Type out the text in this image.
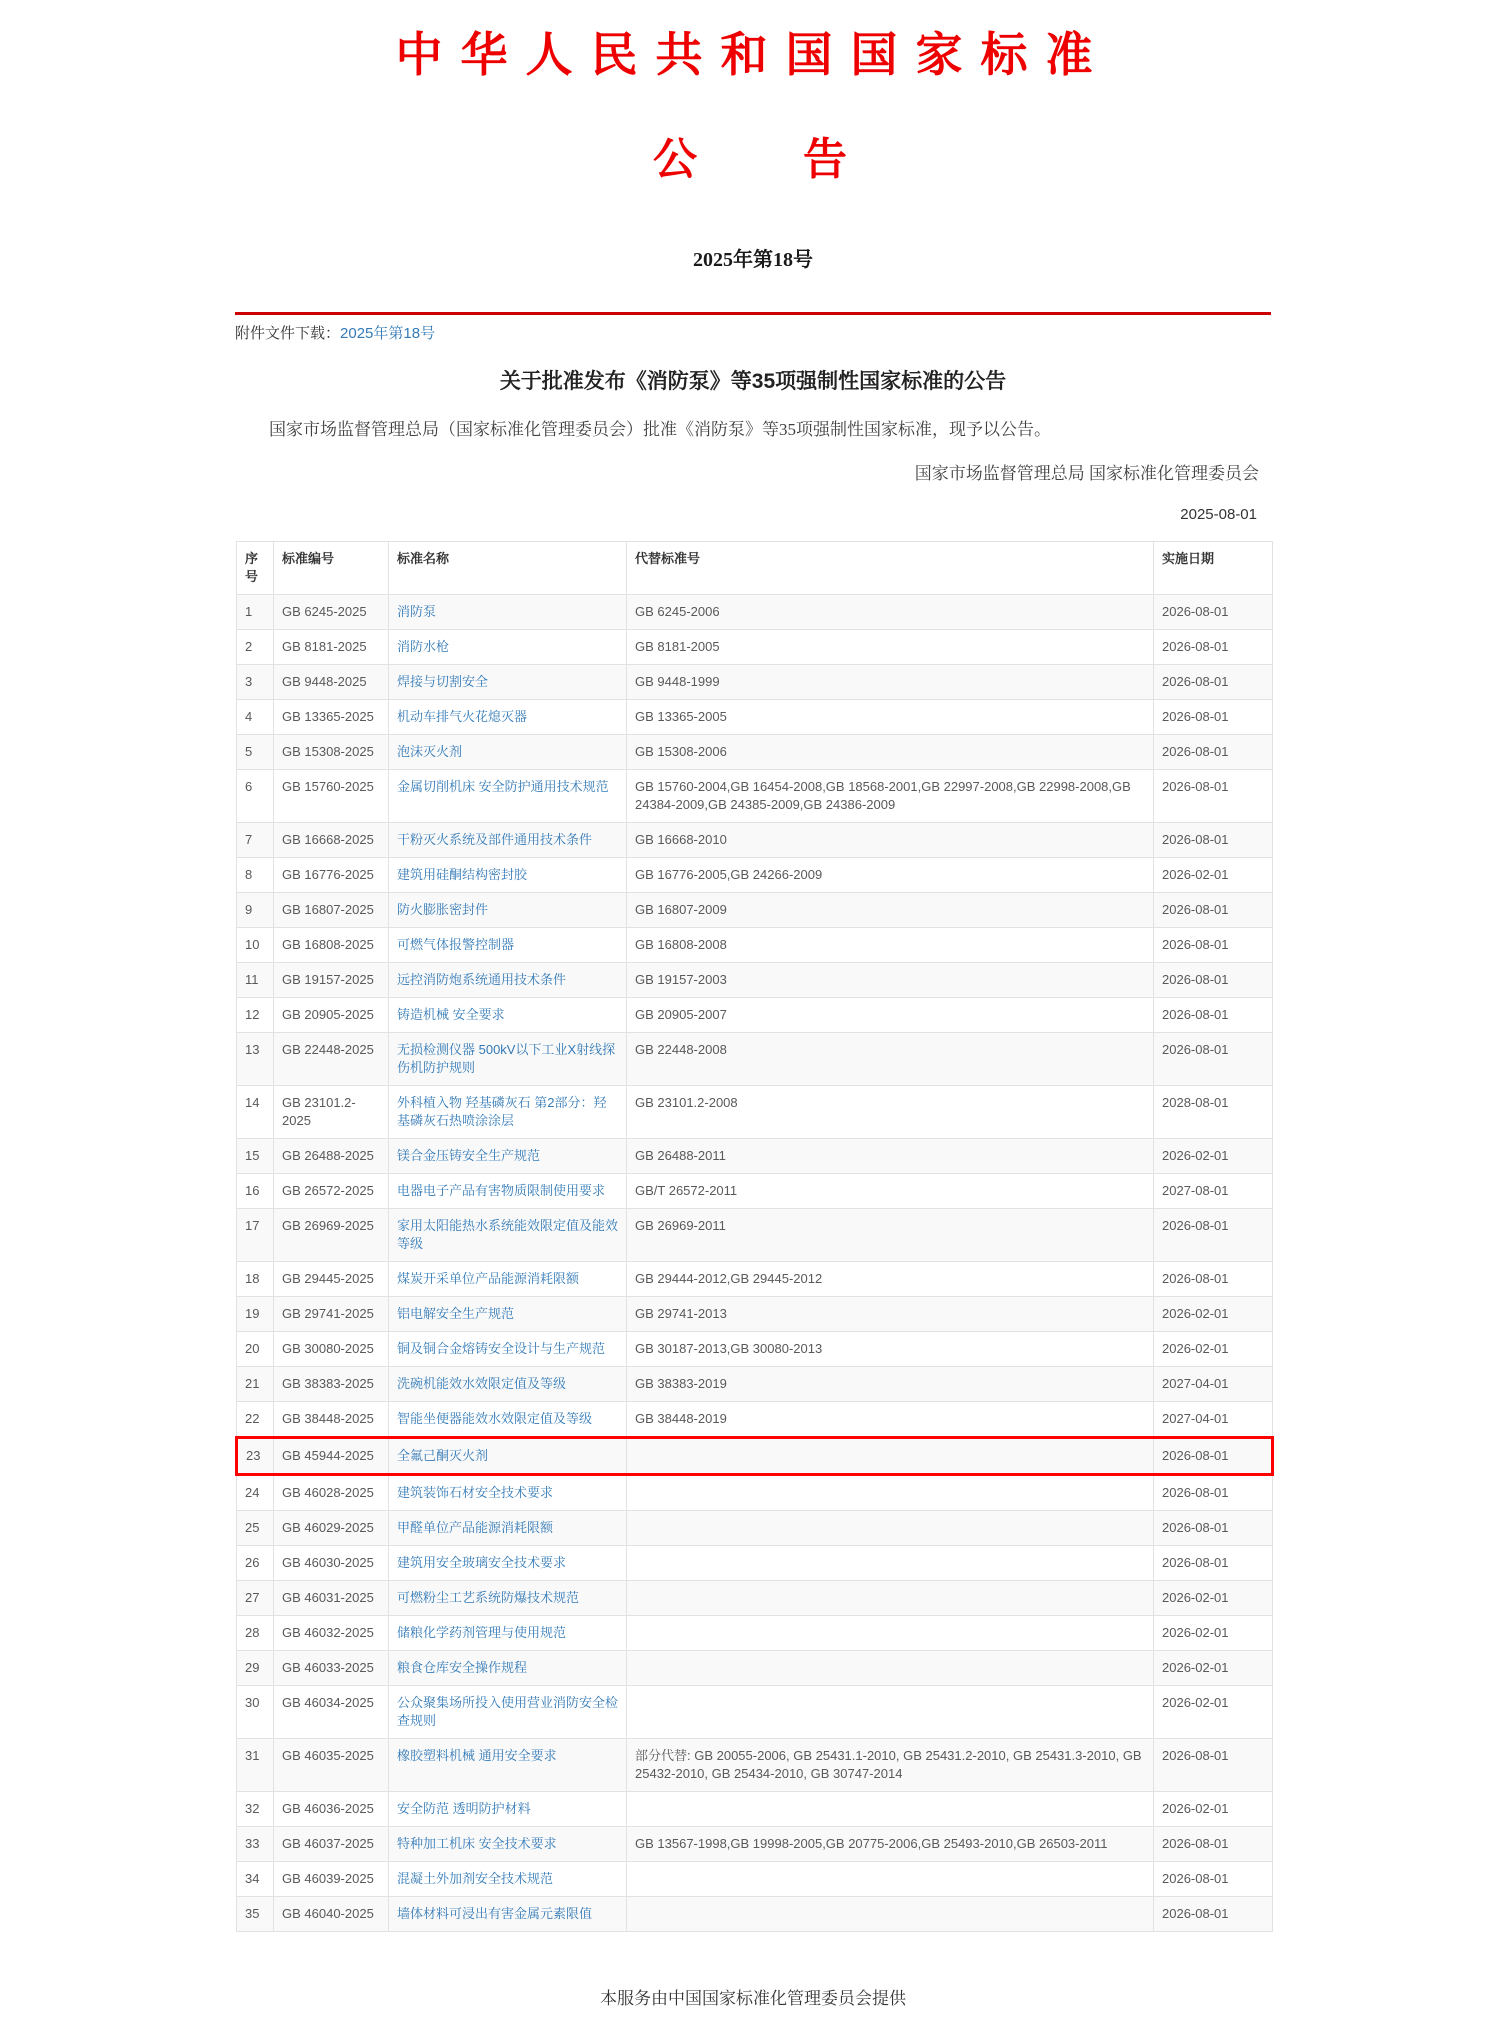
中华人民共和国国家标准
公　　告
2025年第18号
附件文件下载：2025年第18号
关于批准发布《消防泵》等35项强制性国家标准的公告
国家市场监督管理总局（国家标准化管理委员会）批准《消防泵》等35项强制性国家标准，现予以公告。
国家市场监督管理总局 国家标准化管理委员会
2025-08-01
序号	标准编号	标准名称	代替标准号	实施日期
1	GB 6245-2025	消防泵	GB 6245-2006	2026-08-01
2	GB 8181-2025	消防水枪	GB 8181-2005	2026-08-01
3	GB 9448-2025	焊接与切割安全	GB 9448-1999	2026-08-01
4	GB 13365-2025	机动车排气火花熄灭器	GB 13365-2005	2026-08-01
5	GB 15308-2025	泡沫灭火剂	GB 15308-2006	2026-08-01
6	GB 15760-2025	金属切削机床 安全防护通用技术规范	GB 15760-2004,GB 16454-2008,GB 18568-2001,GB 22997-2008,GB 22998-2008,GB 24384-2009,GB 24385-2009,GB 24386-2009	2026-08-01
7	GB 16668-2025	干粉灭火系统及部件通用技术条件	GB 16668-2010	2026-08-01
8	GB 16776-2025	建筑用硅酮结构密封胶	GB 16776-2005,GB 24266-2009	2026-02-01
9	GB 16807-2025	防火膨胀密封件	GB 16807-2009	2026-08-01
10	GB 16808-2025	可燃气体报警控制器	GB 16808-2008	2026-08-01
11	GB 19157-2025	远控消防炮系统通用技术条件	GB 19157-2003	2026-08-01
12	GB 20905-2025	铸造机械 安全要求	GB 20905-2007	2026-08-01
13	GB 22448-2025	无损检测仪器 500kV以下工业X射线探伤机防护规则	GB 22448-2008	2026-08-01
14	GB 23101.2-2025	外科植入物 羟基磷灰石 第2部分：羟基磷灰石热喷涂涂层	GB 23101.2-2008	2028-08-01
15	GB 26488-2025	镁合金压铸安全生产规范	GB 26488-2011	2026-02-01
16	GB 26572-2025	电器电子产品有害物质限制使用要求	GB/T 26572-2011	2027-08-01
17	GB 26969-2025	家用太阳能热水系统能效限定值及能效等级	GB 26969-2011	2026-08-01
18	GB 29445-2025	煤炭开采单位产品能源消耗限额	GB 29444-2012,GB 29445-2012	2026-08-01
19	GB 29741-2025	铝电解安全生产规范	GB 29741-2013	2026-02-01
20	GB 30080-2025	铜及铜合金熔铸安全设计与生产规范	GB 30187-2013,GB 30080-2013	2026-02-01
21	GB 38383-2025	洗碗机能效水效限定值及等级	GB 38383-2019	2027-04-01
22	GB 38448-2025	智能坐便器能效水效限定值及等级	GB 38448-2019	2027-04-01
23	GB 45944-2025	全氟己酮灭火剂		2026-08-01
24	GB 46028-2025	建筑装饰石材安全技术要求		2026-08-01
25	GB 46029-2025	甲醛单位产品能源消耗限额		2026-08-01
26	GB 46030-2025	建筑用安全玻璃安全技术要求		2026-08-01
27	GB 46031-2025	可燃粉尘工艺系统防爆技术规范		2026-02-01
28	GB 46032-2025	储粮化学药剂管理与使用规范		2026-02-01
29	GB 46033-2025	粮食仓库安全操作规程		2026-02-01
30	GB 46034-2025	公众聚集场所投入使用营业消防安全检查规则		2026-02-01
31	GB 46035-2025	橡胶塑料机械 通用安全要求	部分代替: GB 20055-2006, GB 25431.1-2010, GB 25431.2-2010, GB 25431.3-2010, GB 25432-2010, GB 25434-2010, GB 30747-2014	2026-08-01
32	GB 46036-2025	安全防范 透明防护材料		2026-02-01
33	GB 46037-2025	特种加工机床 安全技术要求	GB 13567-1998,GB 19998-2005,GB 20775-2006,GB 25493-2010,GB 26503-2011	2026-08-01
34	GB 46039-2025	混凝土外加剂安全技术规范		2026-08-01
35	GB 46040-2025	墙体材料可浸出有害金属元素限值		2026-08-01
本服务由中国国家标准化管理委员会提供
